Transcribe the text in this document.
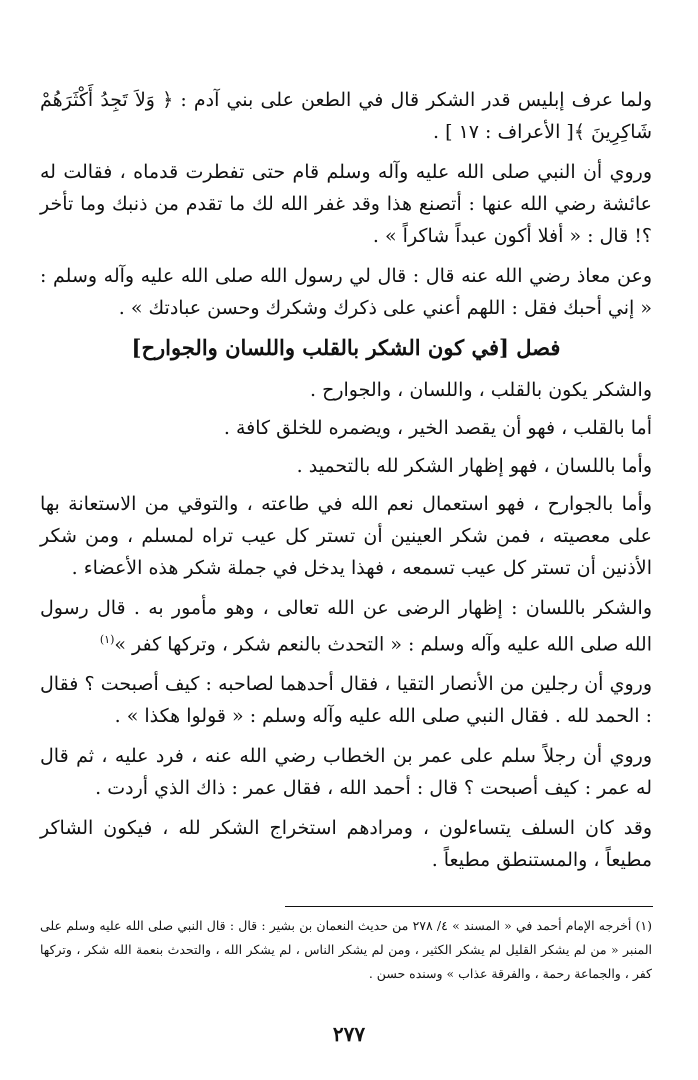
ولما عرف إبليس قدر الشكر قال في الطعن على بني آدم : ﴿ وَلاَ تَجِدُ أَكْثَرَهُمْ شَاكِرِينَ ﴾[ الأعراف : ١٧ ] .

وروي أن النبي صلى الله عليه وآله وسلم قام حتى تفطرت قدماه ، فقالت له عائشة رضي الله عنها : أتصنع هذا وقد غفر الله لك ما تقدم من ذنبك وما تأخر ؟! قال : « أفلا أكون عبداً شاكراً » .

وعن معاذ رضي الله عنه قال : قال لي رسول الله صلى الله عليه وآله وسلم : « إني أحبك فقل : اللهم أعني على ذكرك وشكرك وحسن عبادتك » .

فصل [في كون الشكر بالقلب واللسان والجوارح]

والشكر يكون بالقلب ، واللسان ، والجوارح .

أما بالقلب ، فهو أن يقصد الخير ، ويضمره للخلق كافة .

وأما باللسان ، فهو إظهار الشكر لله بالتحميد .

وأما بالجوارح ، فهو استعمال نعم الله في طاعته ، والتوقي من الاستعانة بها على معصيته ، فمن شكر العينين أن تستر كل عيب تراه لمسلم ، ومن شكر الأذنين أن تستر كل عيب تسمعه ، فهذا يدخل في جملة شكر هذه الأعضاء .

والشكر باللسان : إظهار الرضى عن الله تعالى ، وهو مأمور به . قال رسول الله صلى الله عليه وآله وسلم : « التحدث بالنعم شكر ، وتركها كفر »$^{(١)}$

وروي أن رجلين من الأنصار التقيا ، فقال أحدهما لصاحبه : كيف أصبحت ؟ فقال : الحمد لله . فقال النبي صلى الله عليه وآله وسلم : « قولوا هكذا » .

وروي أن رجلاً سلم على عمر بن الخطاب رضي الله عنه ، فرد عليه ، ثم قال له عمر : كيف أصبحت ؟ قال : أحمد الله ، فقال عمر : ذاك الذي أردت .

وقد كان السلف يتساءلون ، ومرادهم استخراج الشكر لله ، فيكون الشاكر مطيعاً ، والمستنطق مطيعاً .

(١) أخرجه الإمام أحمد في « المسند » ٤/ ٢٧٨ من حديث النعمان بن بشير : قال : قال النبي صلى الله عليه وسلم على المنبر « من لم يشكر القليل لم يشكر الكثير ، ومن لم يشكر الناس ، لم يشكر الله ، والتحدث بنعمة الله شكر ، وتركها كفر ، والجماعة رحمة ، والفرقة عذاب » وسنده حسن .
٢٧٧
